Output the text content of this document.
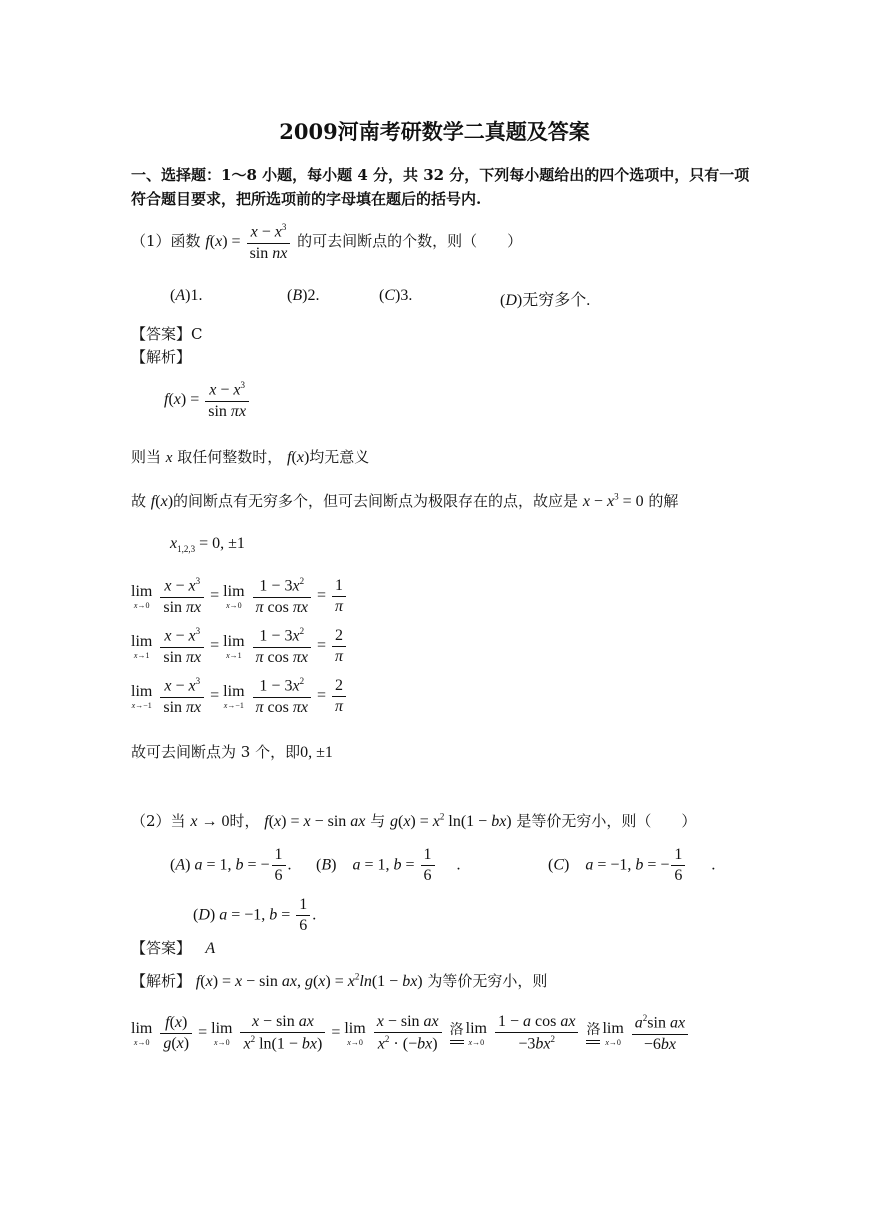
2009河南考研数学二真题及答案
一、选择题：1～8 小题，每小题 4 分，共 32 分，下列每小题给出的四个选项中，只有一项
符合题目要求，把所选项前的字母填在题后的括号内.
（1）函数 $f(x) = \frac{x - x^3}{\text{sin nx}}$ 的可去间断点的个数，则（　　）
(A)1.	(B)2.	(C)3.	(D)无穷多个.
【答案】C
【解析】
$f(x) = \frac{x - x^3}{\text{sin πx}}$
则当 x 取任何整数时， f(x)均无意义
故 f(x)的间断点有无穷多个，但可去间断点为极限存在的点，故应是 $x - x^3 = 0$ 的解
$x_{1,2,3} = 0$, ±1
lim
x→0
$\frac{x - x^3}{\text{sin πx}} = \lim$
x→0
$\frac{1 - 3x^2}{\text{π cos πx}} = \frac{1}{\pi}$
lim
x→1
$\frac{x - x^3}{\text{sin πx}} = \lim$
x→1
$\frac{1 - 3x^2}{\text{π cos πx}} = \frac{2}{\pi}$
lim
x→−1
$\frac{x - x^3}{\text{sin πx}} = \lim$
x→−1
$\frac{1 - 3x^2}{\text{π cos πx}} = \frac{2}{\pi}$
故可去间断点为 3 个，即0, ±1
（2）当 x → 0时， f(x) = x − sin ax 与 $g(x) = x^2$ ln(1 − bx) 是等价无穷小，则（　　）
(A) a = 1, b = − $\frac{1}{6}$ . (B)    a = 1, $b = \frac{1}{6}$ .	(C)    a = −1, b = − $\frac{1}{6}$ .
(D) a = −1, $b = \frac{1}{6}$ .
【答案】 A
【解析】 f(x) = x − sin ax, $g(x) = x^2\ln(1 - bx)$ 为等价无穷小，则
lim
x→0
$\frac{f(x)}{g(x)} = \lim$
x→0
$\frac{\text{x − sin ax}}{x^2 \ln(1 - bx)} = \lim$
x→0
$\frac{\text{x − sin ax}}{x^2 \cdot (-bx)}$ 洛 lim
x→0
$\frac{\text{1 − a cos ax}}{-3bx^2}$ 洛 lim
x→0
$\frac{a^2\sin ax}{-6bx}$
